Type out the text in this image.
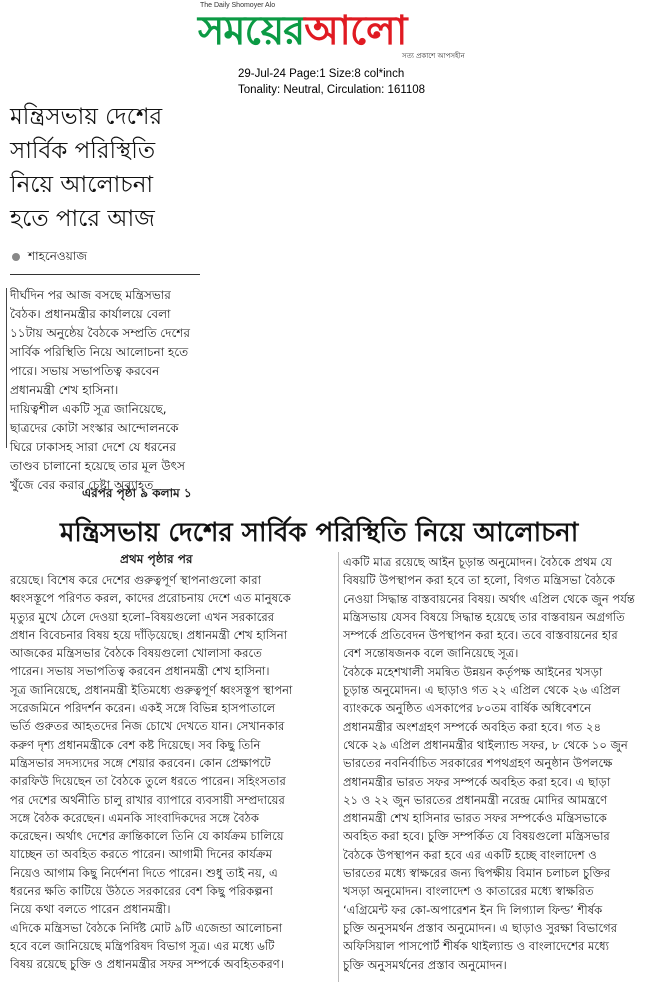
The Daily Shomoyer Alo
সময়েরআলো
সত্য প্রকাশে আপসহীন
29-Jul-24 Page:1 Size:8 col*inch
Tonality: Neutral, Circulation: 161108
মন্ত্রিসভায় দেশের
সার্বিক পরিস্থিতি
নিয়ে আলোচনা
হতে পারে আজ
শাহনেওয়াজ
দীর্ঘদিন পর আজ বসছে মন্ত্রিসভার
বৈঠক। প্রধানমন্ত্রীর কার্যালয়ে বেলা
১১টায় অনুষ্ঠেয় বৈঠকে সম্প্রতি দেশের
সার্বিক পরিস্থিতি নিয়ে আলোচনা হতে
পারে। সভায় সভাপতিত্ব করবেন
প্রধানমন্ত্রী শেখ হাসিনা।
দায়িত্বশীল একটি সূত্র জানিয়েছে,
ছাত্রদের কোটা সংস্কার আন্দোলনকে
ঘিরে ঢাকাসহ সারা দেশে যে ধরনের
তাণ্ডব চালানো হয়েছে তার মূল উৎস
খুঁজে বের করার চেষ্টা অব্যাহত
এরপর পৃষ্ঠা ৯ কলাম ১
মন্ত্রিসভায় দেশের সার্বিক পরিস্থিতি নিয়ে আলোচনা
প্রথম পৃষ্ঠার পর
রয়েছে। বিশেষ করে দেশের গুরুত্বপূর্ণ স্থাপনাগুলো কারা
ধ্বংসস্তূপে পরিণত করল, কাদের প্ররোচনায় দেশে এত মানুষকে
মৃত্যুর মুখে ঠেলে দেওয়া হলো–বিষয়গুলো এখন সরকারের
প্রধান বিবেচনার বিষয় হয়ে দাঁড়িয়েছে। প্রধানমন্ত্রী শেখ হাসিনা
আজকের মন্ত্রিসভার বৈঠকে বিষয়গুলো খোলাসা করতে
পারেন। সভায় সভাপতিত্ব করবেন প্রধানমন্ত্রী শেখ হাসিনা।
সূত্র জানিয়েছে, প্রধানমন্ত্রী ইতিমধ্যে গুরুত্বপূর্ণ ধ্বংসস্তূপ স্থাপনা
সরেজমিনে পরিদর্শন করেন। একই সঙ্গে বিভিন্ন হাসপাতালে
ভর্তি গুরুতর আহতদের নিজ চোখে দেখতে যান। সেখানকার
করুণ দৃশ্য প্রধানমন্ত্রীকে বেশ কষ্ট দিয়েছে। সব কিছু তিনি
মন্ত্রিসভার সদস্যদের সঙ্গে শেয়ার করবেন। কোন প্রেক্ষাপটে
কারফিউ দিয়েছেন তা বৈঠকে তুলে ধরতে পারেন। সহিংসতার
পর দেশের অর্থনীতি চালু রাখার ব্যাপারে ব্যবসায়ী সম্প্রদায়ের
সঙ্গে বৈঠক করেছেন। এমনকি সাংবাদিকদের সঙ্গে বৈঠক
করেছেন। অর্থাৎ দেশের ক্রান্তিকালে তিনি যে কার্যক্রম চালিয়ে
যাচ্ছেন তা অবহিত করতে পারেন। আগামী দিনের কার্যক্রম
নিয়েও আগাম কিছু নির্দেশনা দিতে পারেন। শুধু তাই নয়, এ
ধরনের ক্ষতি কাটিয়ে উঠতে সরকারের বেশ কিছু পরিকল্পনা
নিয়ে কথা বলতে পারেন প্রধানমন্ত্রী।
এদিকে মন্ত্রিসভা বৈঠকে নির্দিষ্ট মোট ৯টি এজেন্ডা আলোচনা
হবে বলে জানিয়েছে মন্ত্রিপরিষদ বিভাগ সূত্র। এর মধ্যে ৬টি
বিষয় রয়েছে চুক্তি ও প্রধানমন্ত্রীর সফর সম্পর্কে অবহিতকরণ।
একটি মাত্র রয়েছে আইন চূড়ান্ত অনুমোদন। বৈঠকে প্রথম যে
বিষয়টি উপস্থাপন করা হবে তা হলো, বিগত মন্ত্রিসভা বৈঠকে
নেওয়া সিদ্ধান্ত বাস্তবায়নের বিষয়। অর্থাৎ এপ্রিল থেকে জুন পর্যন্ত
মন্ত্রিসভায় যেসব বিষয়ে সিদ্ধান্ত হয়েছে তার বাস্তবায়ন অগ্রগতি
সম্পর্কে প্রতিবেদন উপস্থাপন করা হবে। তবে বাস্তবায়নের হার
বেশ সন্তোষজনক বলে জানিয়েছে সূত্র।
বৈঠকে মহেশখালী সমন্বিত উন্নয়ন কর্তৃপক্ষ আইনের খসড়া
চূড়ান্ত অনুমোদন। এ ছাড়াও গত ২২ এপ্রিল থেকে ২৬ এপ্রিল
ব্যাংককে অনুষ্ঠিত এসকাপের ৮০তম বার্ষিক অধিবেশনে
প্রধানমন্ত্রীর অংশগ্রহণ সম্পর্কে অবহিত করা হবে। গত ২৪
থেকে ২৯ এপ্রিল প্রধানমন্ত্রীর থাইল্যান্ড সফর, ৮ থেকে ১০ জুন
ভারতের নবনির্বাচিত সরকারের শপথগ্রহণ অনুষ্ঠান উপলক্ষে
প্রধানমন্ত্রীর ভারত সফর সম্পর্কে অবহিত করা হবে। এ ছাড়া
২১ ও ২২ জুন ভারতের প্রধানমন্ত্রী নরেন্দ্র মোদির আমন্ত্রণে
প্রধানমন্ত্রী শেখ হাসিনার ভারত সফর সম্পর্কেও মন্ত্রিসভাকে
অবহিত করা হবে। চুক্তি সম্পর্কিত যে বিষয়গুলো মন্ত্রিসভার
বৈঠকে উপস্থাপন করা হবে এর একটি হচ্ছে বাংলাদেশ ও
ভারতের মধ্যে স্বাক্ষরের জন্য দ্বিপক্ষীয় বিমান চলাচল চুক্তির
খসড়া অনুমোদন। বাংলাদেশ ও কাতারের মধ্যে স্বাক্ষরিত
‘এগ্রিমেন্ট ফর কো-অপারেশন ইন দি লিগ্যাল ফিল্ড’ শীর্ষক
চুক্তি অনুসমর্থন প্রস্তাব অনুমোদন। এ ছাড়াও সুরক্ষা বিভাগের
অফিসিয়াল পাসপোর্ট শীর্ষক থাইল্যান্ড ও বাংলাদেশের মধ্যে
চুক্তি অনুসমর্থনের প্রস্তাব অনুমোদন।
